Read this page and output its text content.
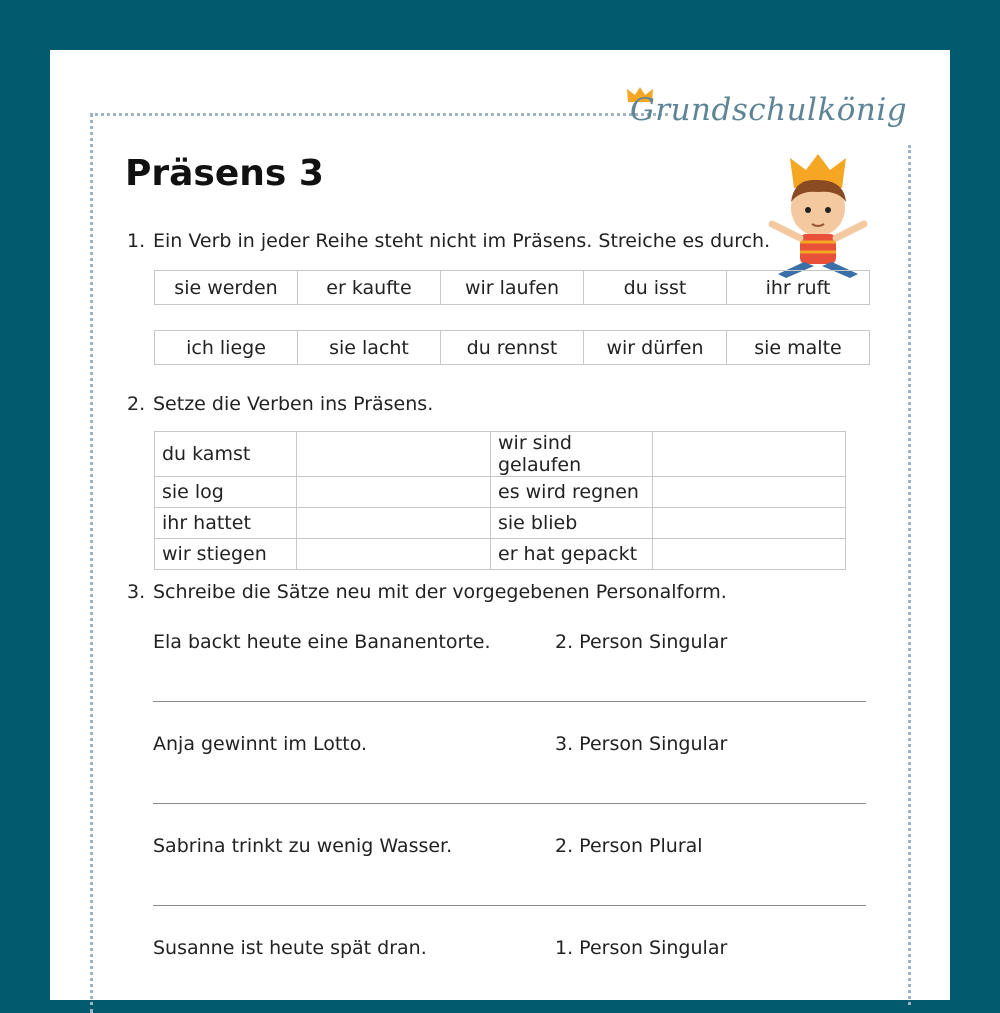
Grundschulkönig
Präsens 3
1. Ein Verb in jeder Reihe steht nicht im Präsens. Streiche es durch.
sie werden	er kaufte	wir laufen	du isst	ihr ruft
ich liege	sie lacht	du rennst	wir dürfen	sie malte
2. Setze die Verben ins Präsens.
du kamst		wir sind gelaufen	
sie log		es wird regnen	
ihr hattet		sie blieb	
wir stiegen		er hat gepackt	
3. Schreibe die Sätze neu mit der vorgegebenen Personalform.
Ela backt heute eine Bananentorte.	2. Person Singular
Anja gewinnt im Lotto.	3. Person Singular
Sabrina trinkt zu wenig Wasser.	2. Person Plural
Susanne ist heute spät dran.	1. Person Singular
